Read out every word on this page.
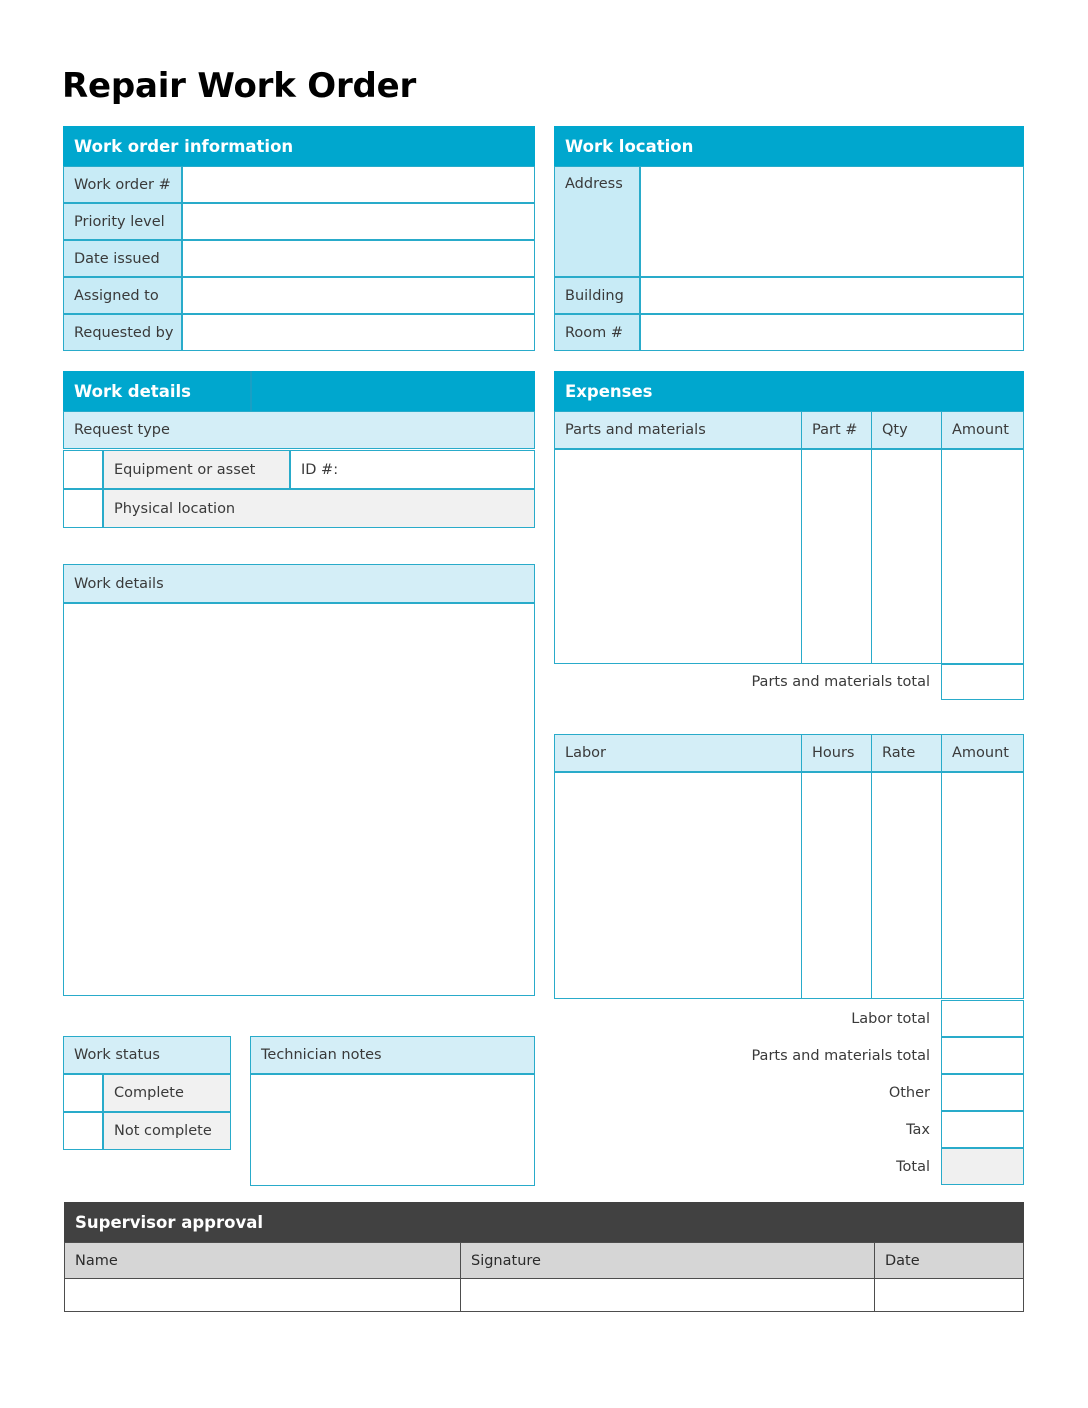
Repair Work Order
Work order information
Work order #
Priority level
Date issued
Assigned to
Requested by
Work location
Address
Building
Room #
Work details
Request type
Equipment or asset	ID #:
Physical location
Work details
Expenses
Parts and materials	Part #	Qty	Amount
Parts and materials total
Labor	Hours	Rate	Amount
Labor total
Parts and materials total
Other
Tax
Total
Work status
Complete
Not complete
Technician notes
Supervisor approval
Name	Signature	Date
